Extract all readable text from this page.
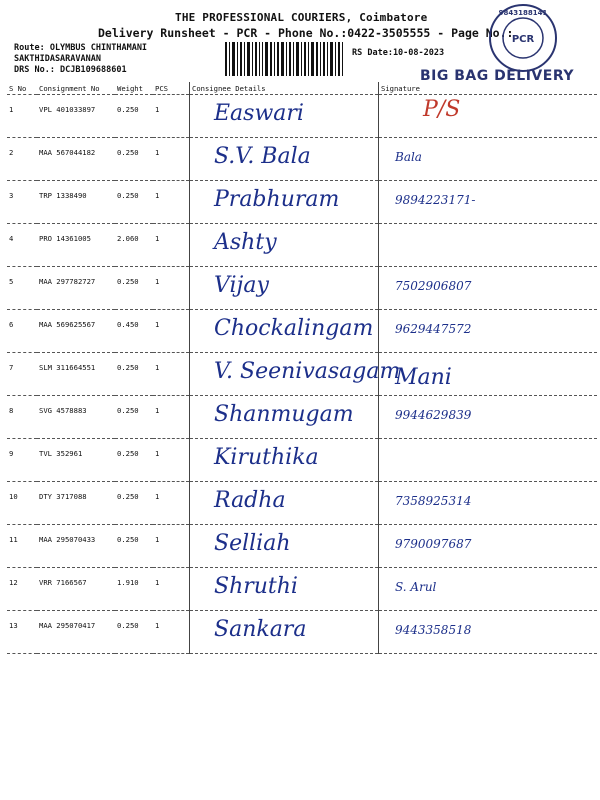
THE PROFESSIONAL COURIERS, Coimbatore
Delivery Runsheet - PCR - Phone No.:0422-3505555 - Page No.:
Route: OLYMBUS CHINTHAMANI
SAKTHIDASARAVANAN
DRS No.: DCJB109688601
RS Date:10-08-2023
BIG BAG DELIVERY
PCR
9843188141
S No	Consignment No	Weight	PCS	Consignee Details	Signature
1	VPL 401033897	0.250	1	Easwari	P/S

2	MAA 567044182	0.250	1	S.V. Bala	Bala

3	TRP 1338490	0.250	1	Prabhuram	9894223171-

4	PRO 14361005	2.060	1	Ashty	

5	MAA 297782727	0.250	1	Vijay	7502906807

6	MAA 569625567	0.450	1	Chockalingam	9629447572

7	SLM 311664551	0.250	1	V. Seenivasagam	Mani

8	SVG 4578883	0.250	1	Shanmugam	9944629839

9	TVL 352961	0.250	1	Kiruthika	

10	DTY 3717088	0.250	1	Radha	7358925314

11	MAA 295070433	0.250	1	Selliah	9790097687

12	VRR 7166567	1.910	1	Shruthi	S. Arul

13	MAA 295070417	0.250	1	Sankara	9443358518
